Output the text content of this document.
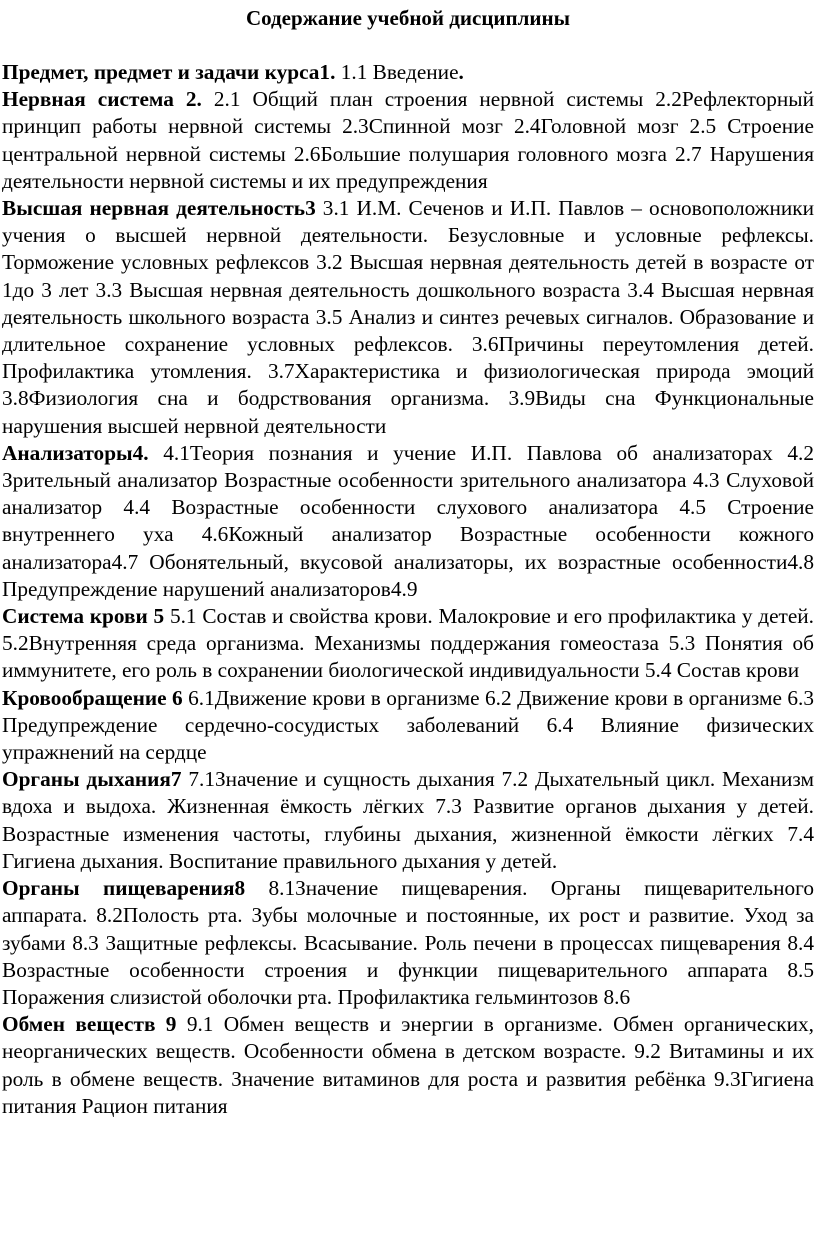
Содержание учебной дисциплины

Предмет, предмет и задачи курса1. 1.1 Введение.

Нервная система 2. 2.1 Общий план строения нервной системы 2.2Рефлекторный принцип работы нервной системы 2.3Спинной мозг 2.4Головной мозг 2.5 Строение центральной нервной системы 2.6Большие полушария головного мозга 2.7 Нарушения деятельности нервной системы и их предупреждения

Высшая нервная деятельность3 3.1 И.М. Сеченов и И.П. Павлов – основоположники учения о высшей нервной деятельности. Безусловные и условные рефлексы. Торможение условных рефлексов 3.2 Высшая нервная деятельность детей в возрасте от 1до 3 лет 3.3 Высшая нервная деятельность дошкольного возраста 3.4 Высшая нервная деятельность школьного возраста 3.5 Анализ и синтез речевых сигналов. Образование и длительное сохранение условных рефлексов. 3.6Причины переутомления детей. Профилактика утомления. 3.7Характеристика и физиологическая природа эмоций 3.8Физиология сна и бодрствования организма. 3.9Виды сна Функциональные нарушения высшей нервной деятельности

Анализаторы4. 4.1Теория познания и учение И.П. Павлова об анализаторах 4.2 Зрительный анализатор Возрастные особенности зрительного анализатора 4.3 Слуховой анализатор 4.4 Возрастные особенности слухового анализатора 4.5 Строение внутреннего уха 4.6Кожный анализатор Возрастные особенности кожного анализатора4.7 Обонятельный, вкусовой анализаторы, их возрастные особенности4.8 Предупреждение нарушений анализаторов4.9

Система крови 5 5.1 Состав и свойства крови. Малокровие и его профилактика у детей. 5.2Внутренняя среда организма. Механизмы поддержания гомеостаза 5.3 Понятия об иммунитете, его роль в сохранении биологической индивидуальности 5.4 Состав крови

Кровообращение 6 6.1Движение крови в организме 6.2 Движение крови в организме 6.3 Предупреждение сердечно-сосудистых заболеваний 6.4 Влияние физических упражнений на сердце

Органы дыхания7 7.1Значение и сущность дыхания 7.2 Дыхательный цикл. Механизм вдоха и выдоха. Жизненная ёмкость лёгких 7.3 Развитие органов дыхания у детей. Возрастные изменения частоты, глубины дыхания, жизненной ёмкости лёгких 7.4 Гигиена дыхания. Воспитание правильного дыхания у детей.

Органы пищеварения8 8.1Значение пищеварения. Органы пищеварительного аппарата. 8.2Полость рта. Зубы молочные и постоянные, их рост и развитие. Уход за зубами 8.3 Защитные рефлексы. Всасывание. Роль печени в процессах пищеварения 8.4 Возрастные особенности строения и функции пищеварительного аппарата 8.5 Поражения слизистой оболочки рта. Профилактика гельминтозов 8.6

Обмен веществ 9 9.1 Обмен веществ и энергии в организме. Обмен органических, неорганических веществ. Особенности обмена в детском возрасте. 9.2 Витамины и их роль в обмене веществ. Значение витаминов для роста и развития ребёнка 9.3Гигиена питания Рацион питания
